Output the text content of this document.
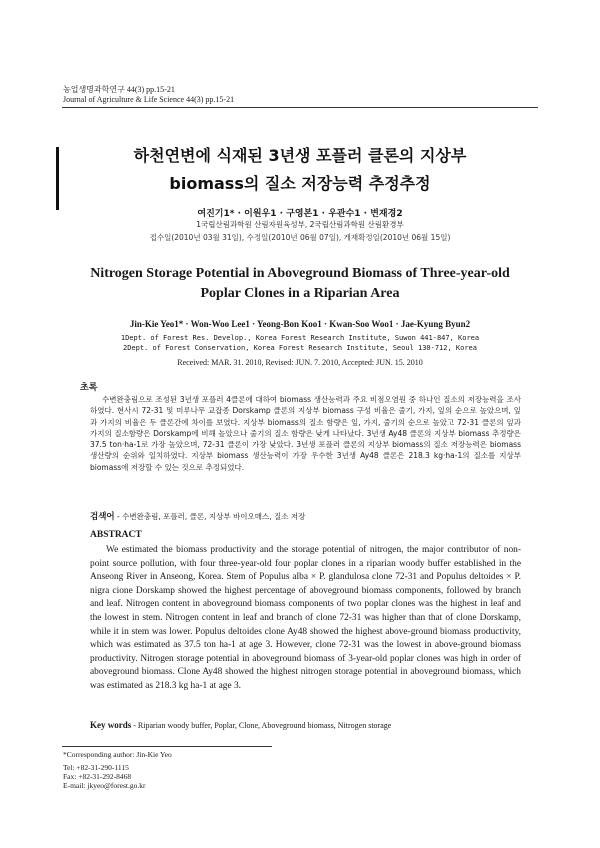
농업생명과학연구 44(3) pp.15-21
Journal of Agriculture & Life Science 44(3) pp.15-21
하천연변에 식재된 3년생 포플러 클론의 지상부
biomass의 질소 저장능력 추정추정
여진기1* · 이원우1 · 구영본1 · 우관수1 · 변재경2
1국립산림과학원 산림자원육성부, 2국립산림과학원 산림환경부
접수일(2010년 03월 31일), 수정일(2010년 06월 07일), 게재확정일(2010년 06월 15일)
Nitrogen Storage Potential in Aboveground Biomass of Three-year-old
Poplar Clones in a Riparian Area
Jin-Kie Yeo1* · Won-Woo Lee1 · Yeong-Bon Koo1 · Kwan-Soo Woo1 · Jae-Kyung Byun2
1Dept. of Forest Res. Develop., Korea Forest Research Institute, Suwon 441-847, Korea
2Dept. of Forest Conservation, Korea Forest Research Institute, Seoul 130-712, Korea
Received: MAR. 31. 2010, Revised: JUN. 7. 2010, Accepted: JUN. 15. 2010
초록
수변완충림으로 조성된 3년생 포플러 4클론에 대하여 biomass 생산능력과 주요 비점오염원 중 하나인 질소의 저장능력을 조사하였다. 현사시 72-31 및 미루나무 교잡종 Dorskamp 클론의 지상부 biomass 구성 비율은 줄기, 가지, 잎의 순으로 높았으며, 잎과 가지의 비율은 두 클론간에 차이를 보였다. 지상부 biomass의 질소 함량은 잎, 가지, 줄기의 순으로 높았고 72-31 클론의 잎과 가지의 질소함량은 Dorskamp에 비해 높았으나 줄기의 질소 함량은 낮게 나타났다. 3년생 Ay48 클론의 지상부 biomass 추정량은 37.5 ton·ha-1로 가장 높았으며, 72-31 클론이 가장 낮았다. 3년생 포플러 클론의 지상부 biomass의 질소 저장능력은 biomass 생산량의 순위와 일치하였다. 지상부 biomass 생산능력이 가장 우수한 3년생 Ay48 클론은 218.3 kg·ha-1의 질소를 지상부 biomass에 저장할 수 있는 것으로 추정되었다.
검색어 - 수변완충림, 포플러, 클론, 지상부 바이오매스, 질소 저장
ABSTRACT
We estimated the biomass productivity and the storage potential of nitrogen, the major contributor of non-point source pollution, with four three-year-old four poplar clones in a riparian woody buffer established in the Anseong River in Anseong, Korea. Stem of Populus alba × P. glandulosa clone 72-31 and Populus deltoides × P. nigra cione Dorskamp showed the highest percentage of aboveground biomass components, followed by branch and leaf. Nitrogen content in aboveground biomass components of two poplar clones was the highest in leaf and the lowest in stem. Nitrogen content in leaf and branch of clone 72-31 was higher than that of clone Dorskamp, while it in stem was lower. Populus deltoides clone Ay48 showed the highest above-ground biomass productivity, which was estimated as 37.5 ton ha-1 at age 3. However, clone 72-31 was the lowest in above-ground biomass productivity. Nitrogen storage potential in aboveground biomass of 3-year-old poplar clones was high in order of aboveground biomass. Clone Ay48 showed the highest nitrogen storage potential in aboveground biomass, which was estimated as 218.3 kg ha-1 at age 3.
Key words - Riparian woody buffer, Poplar, Clone, Aboveground biomass, Nitrogen storage
*Corresponding author: Jin-Kie Yeo
Tel: +82-31-290-1115
Fax: +82-31-292-8468
E-mail: jkyeo@forest.go.kr
